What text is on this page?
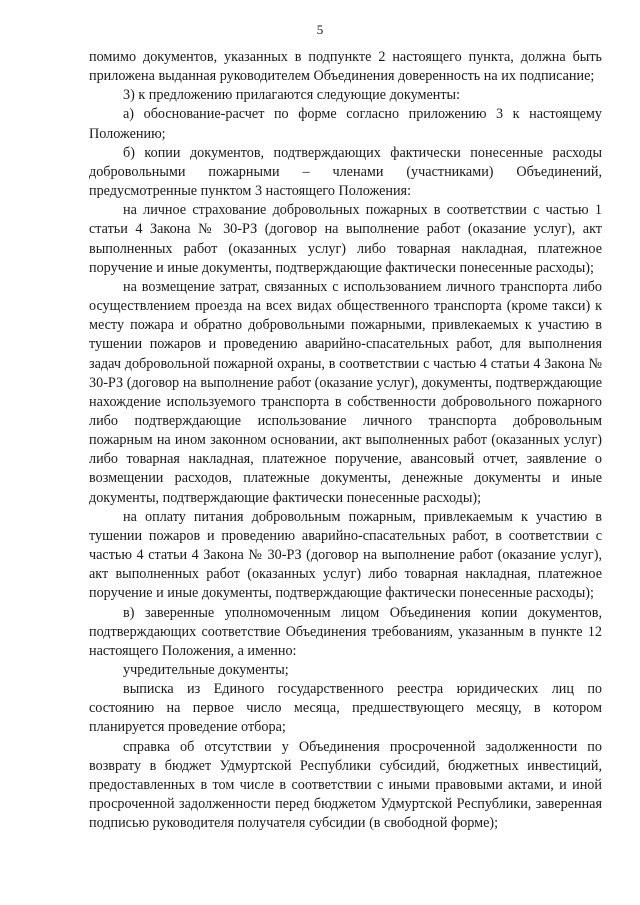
5

помимо документов, указанных в подпункте 2 настоящего пункта, должна быть приложена выданная руководителем Объединения доверенность на их подписание;

3) к предложению прилагаются следующие документы:

а) обоснование-расчет по форме согласно приложению 3 к настоящему Положению;

б) копии документов, подтверждающих фактически понесенные расходы добровольными пожарными – членами (участниками) Объединений, предусмотренные пунктом 3 настоящего Положения:

на личное страхование добровольных пожарных в соответствии с частью 1 статьи 4 Закона № 30-РЗ (договор на выполнение работ (оказание услуг), акт выполненных работ (оказанных услуг) либо товарная накладная, платежное поручение и иные документы, подтверждающие фактически понесенные расходы);

на возмещение затрат, связанных с использованием личного транспорта либо осуществлением проезда на всех видах общественного транспорта (кроме такси) к месту пожара и обратно добровольными пожарными, привлекаемых к участию в тушении пожаров и проведению аварийно-спасательных работ, для выполнения задач добровольной пожарной охраны, в соответствии с частью 4 статьи 4 Закона № 30-РЗ (договор на выполнение работ (оказание услуг), документы, подтверждающие нахождение используемого транспорта в собственности добровольного пожарного либо подтверждающие использование личного транспорта добровольным пожарным на ином законном основании, акт выполненных работ (оказанных услуг) либо товарная накладная, платежное поручение, авансовый отчет, заявление о возмещении расходов, платежные документы, денежные документы и иные документы, подтверждающие фактически понесенные расходы);

на оплату питания добровольным пожарным, привлекаемым к участию в тушении пожаров и проведению аварийно-спасательных работ, в соответствии с частью 4 статьи 4 Закона № 30-РЗ (договор на выполнение работ (оказание услуг), акт выполненных работ (оказанных услуг) либо товарная накладная, платежное поручение и иные документы, подтверждающие фактически понесенные расходы);

в) заверенные уполномоченным лицом Объединения копии документов, подтверждающих соответствие Объединения требованиям, указанным в пункте 12 настоящего Положения, а именно:

учредительные документы;

выписка из Единого государственного реестра юридических лиц по состоянию на первое число месяца, предшествующего месяцу, в котором планируется проведение отбора;

справка об отсутствии у Объединения просроченной задолженности по возврату в бюджет Удмуртской Республики субсидий, бюджетных инвестиций, предоставленных в том числе в соответствии с иными правовыми актами, и иной просроченной задолженности перед бюджетом Удмуртской Республики, заверенная подписью руководителя получателя субсидии (в свободной форме);
